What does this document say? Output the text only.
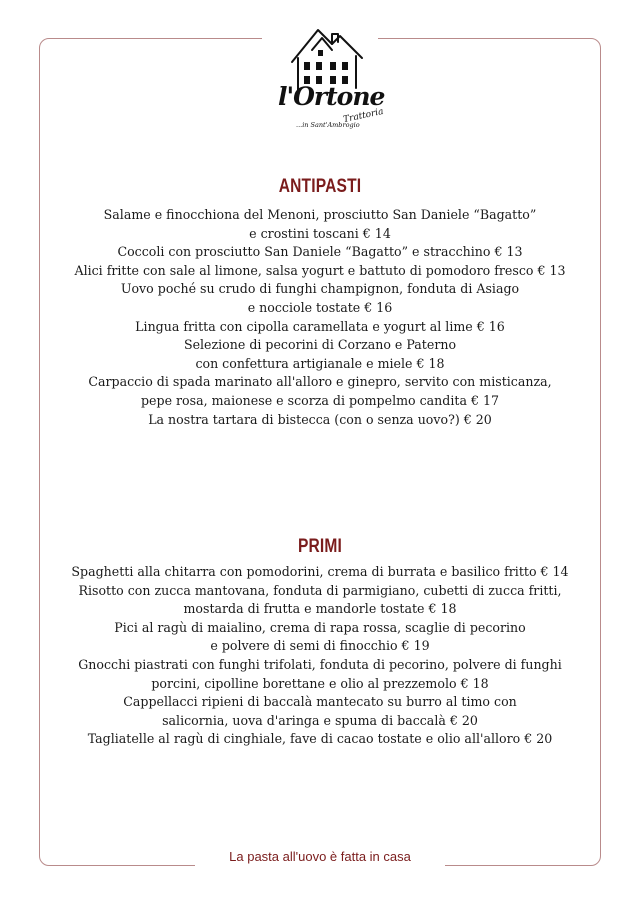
l'Ortone
Trattoria
...in Sant'Ambrogio
ANTIPASTI
Salame e finocchiona del Menoni, prosciutto San Daniele “Bagatto”
e crostini toscani € 14
Coccoli con prosciutto San Daniele “Bagatto” e stracchino € 13
Alici fritte con sale al limone, salsa yogurt e battuto di pomodoro fresco € 13
Uovo poché su crudo di funghi champignon, fonduta di Asiago
e nocciole tostate € 16
Lingua fritta con cipolla caramellata e yogurt al lime € 16
Selezione di pecorini di Corzano e Paterno
con confettura artigianale e miele € 18
Carpaccio di spada marinato all'alloro e ginepro, servito con misticanza,
pepe rosa, maionese e scorza di pompelmo candita € 17
La nostra tartara di bistecca (con o senza uovo?) € 20
PRIMI
Spaghetti alla chitarra con pomodorini, crema di burrata e basilico fritto € 14
Risotto con zucca mantovana, fonduta di parmigiano, cubetti di zucca fritti,
mostarda di frutta e mandorle tostate € 18
Pici al ragù di maialino, crema di rapa rossa, scaglie di pecorino
e polvere di semi di finocchio € 19
Gnocchi piastrati con funghi trifolati, fonduta di pecorino, polvere di funghi
porcini, cipolline borettane e olio al prezzemolo € 18
Cappellacci ripieni di baccalà mantecato su burro al timo con
salicornia, uova d'aringa e spuma di baccalà € 20
Tagliatelle al ragù di cinghiale, fave di cacao tostate e olio all'alloro € 20
La pasta all'uovo è fatta in casa
